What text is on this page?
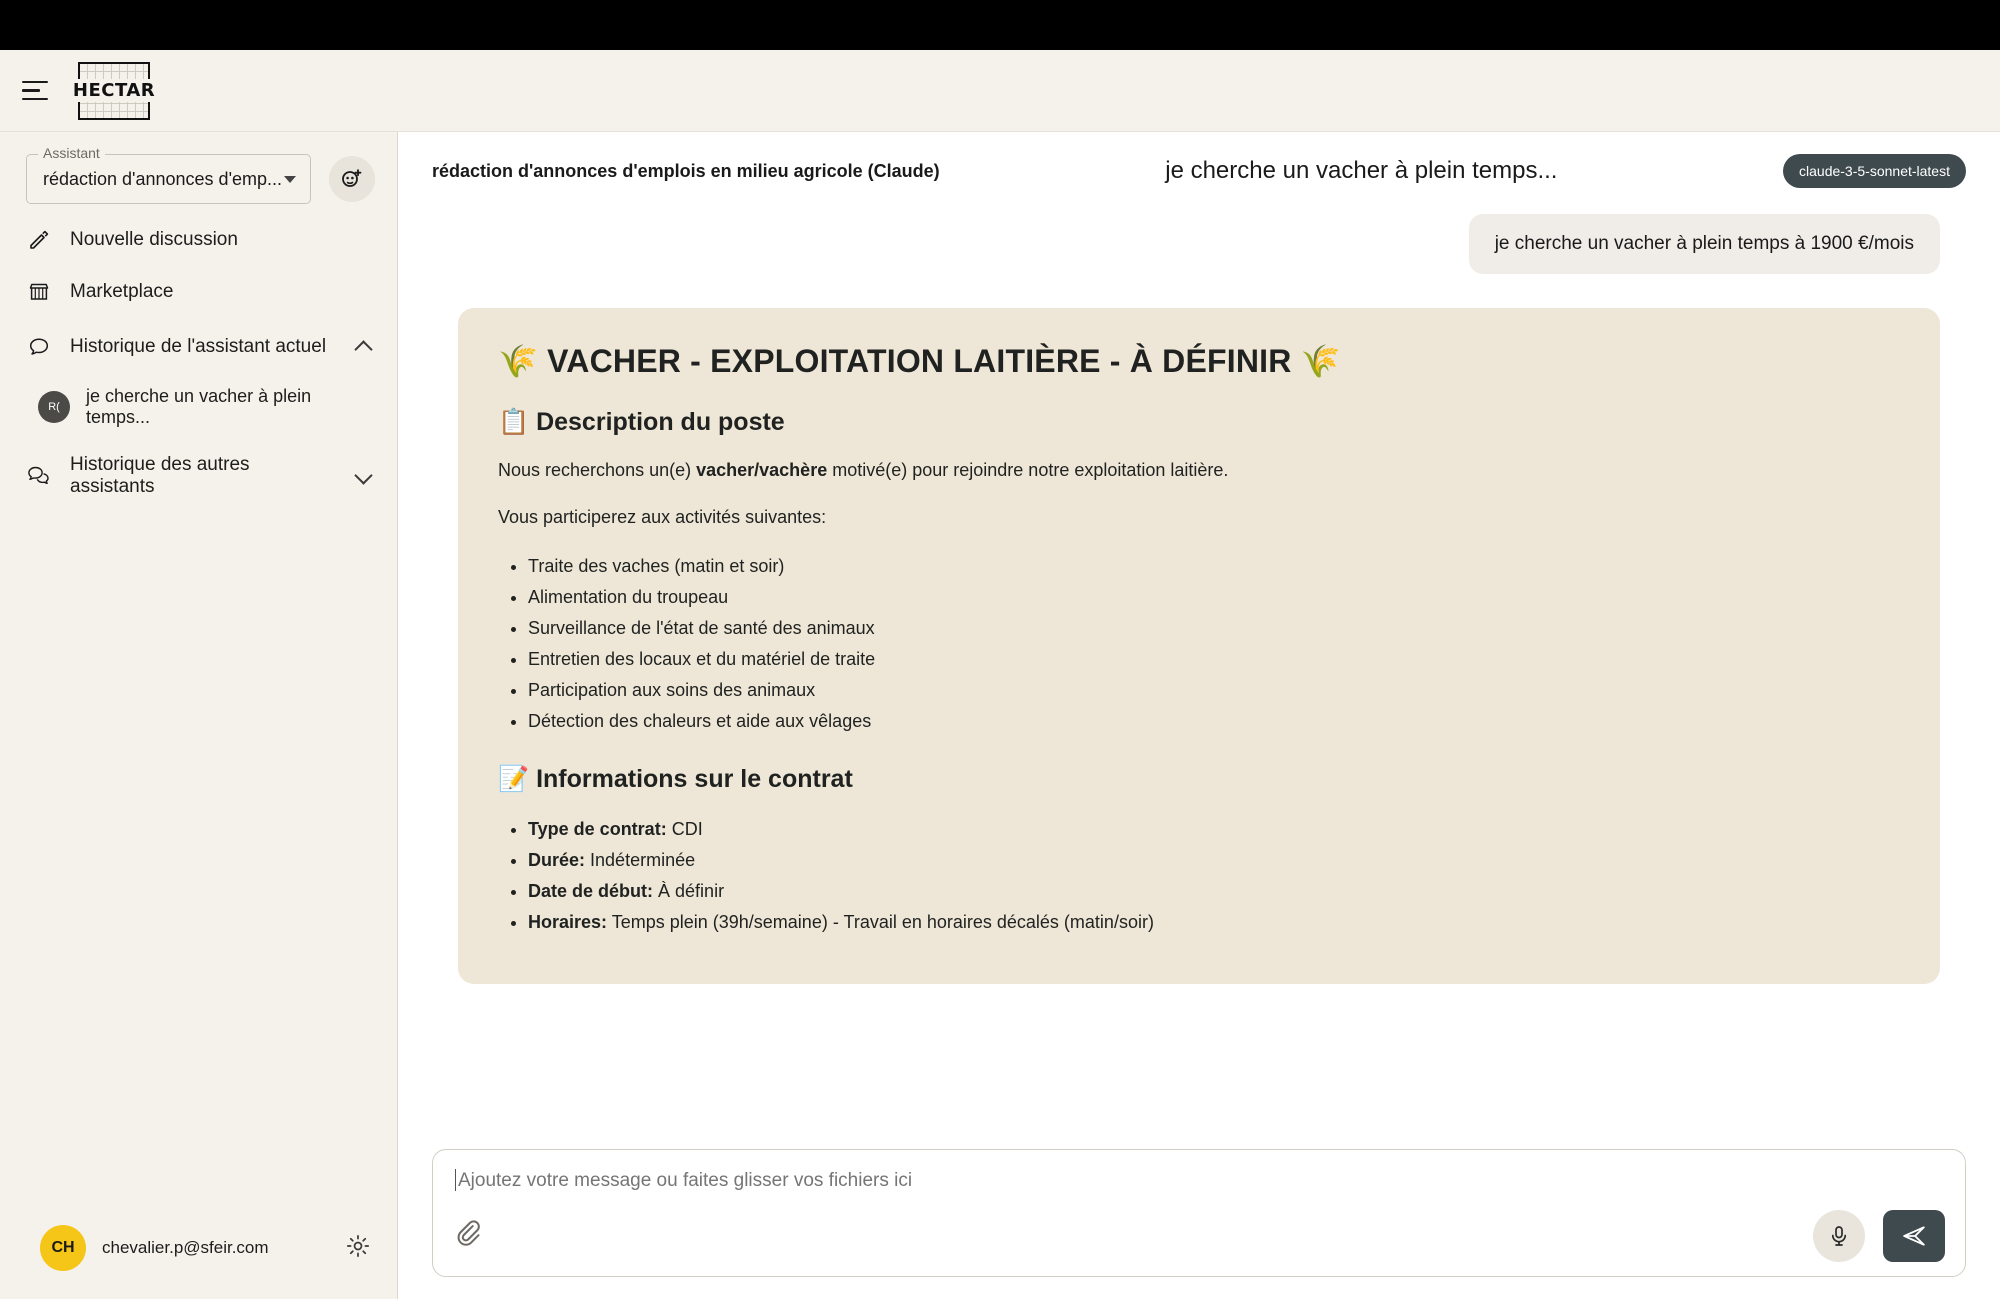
HECTAR
Assistant
rédaction d'annonces d'emp...
Nouvelle discussion
Marketplace
Historique de l'assistant actuel
R(
je cherche un vacher à plein temps...
Historique des autres assistants
CH	chevalier.p@sfeir.com
rédaction d'annonces d'emplois en milieu agricole (Claude)	je cherche un vacher à plein temps...	claude-3-5-sonnet-latest
je cherche un vacher à plein temps à 1900 €/mois
🌾 VACHER - EXPLOITATION LAITIÈRE - À DÉFINIR 🌾
📋 Description du poste
Nous recherchons un(e) vacher/vachère motivé(e) pour rejoindre notre exploitation laitière.
Vous participerez aux activités suivantes:
• Traite des vaches (matin et soir)
• Alimentation du troupeau
• Surveillance de l'état de santé des animaux
• Entretien des locaux et du matériel de traite
• Participation aux soins des animaux
• Détection des chaleurs et aide aux vêlages
📝 Informations sur le contrat
• Type de contrat: CDI
• Durée: Indéterminée
• Date de début: À définir
• Horaires: Temps plein (39h/semaine) - Travail en horaires décalés (matin/soir)
Ajoutez votre message ou faites glisser vos fichiers ici
